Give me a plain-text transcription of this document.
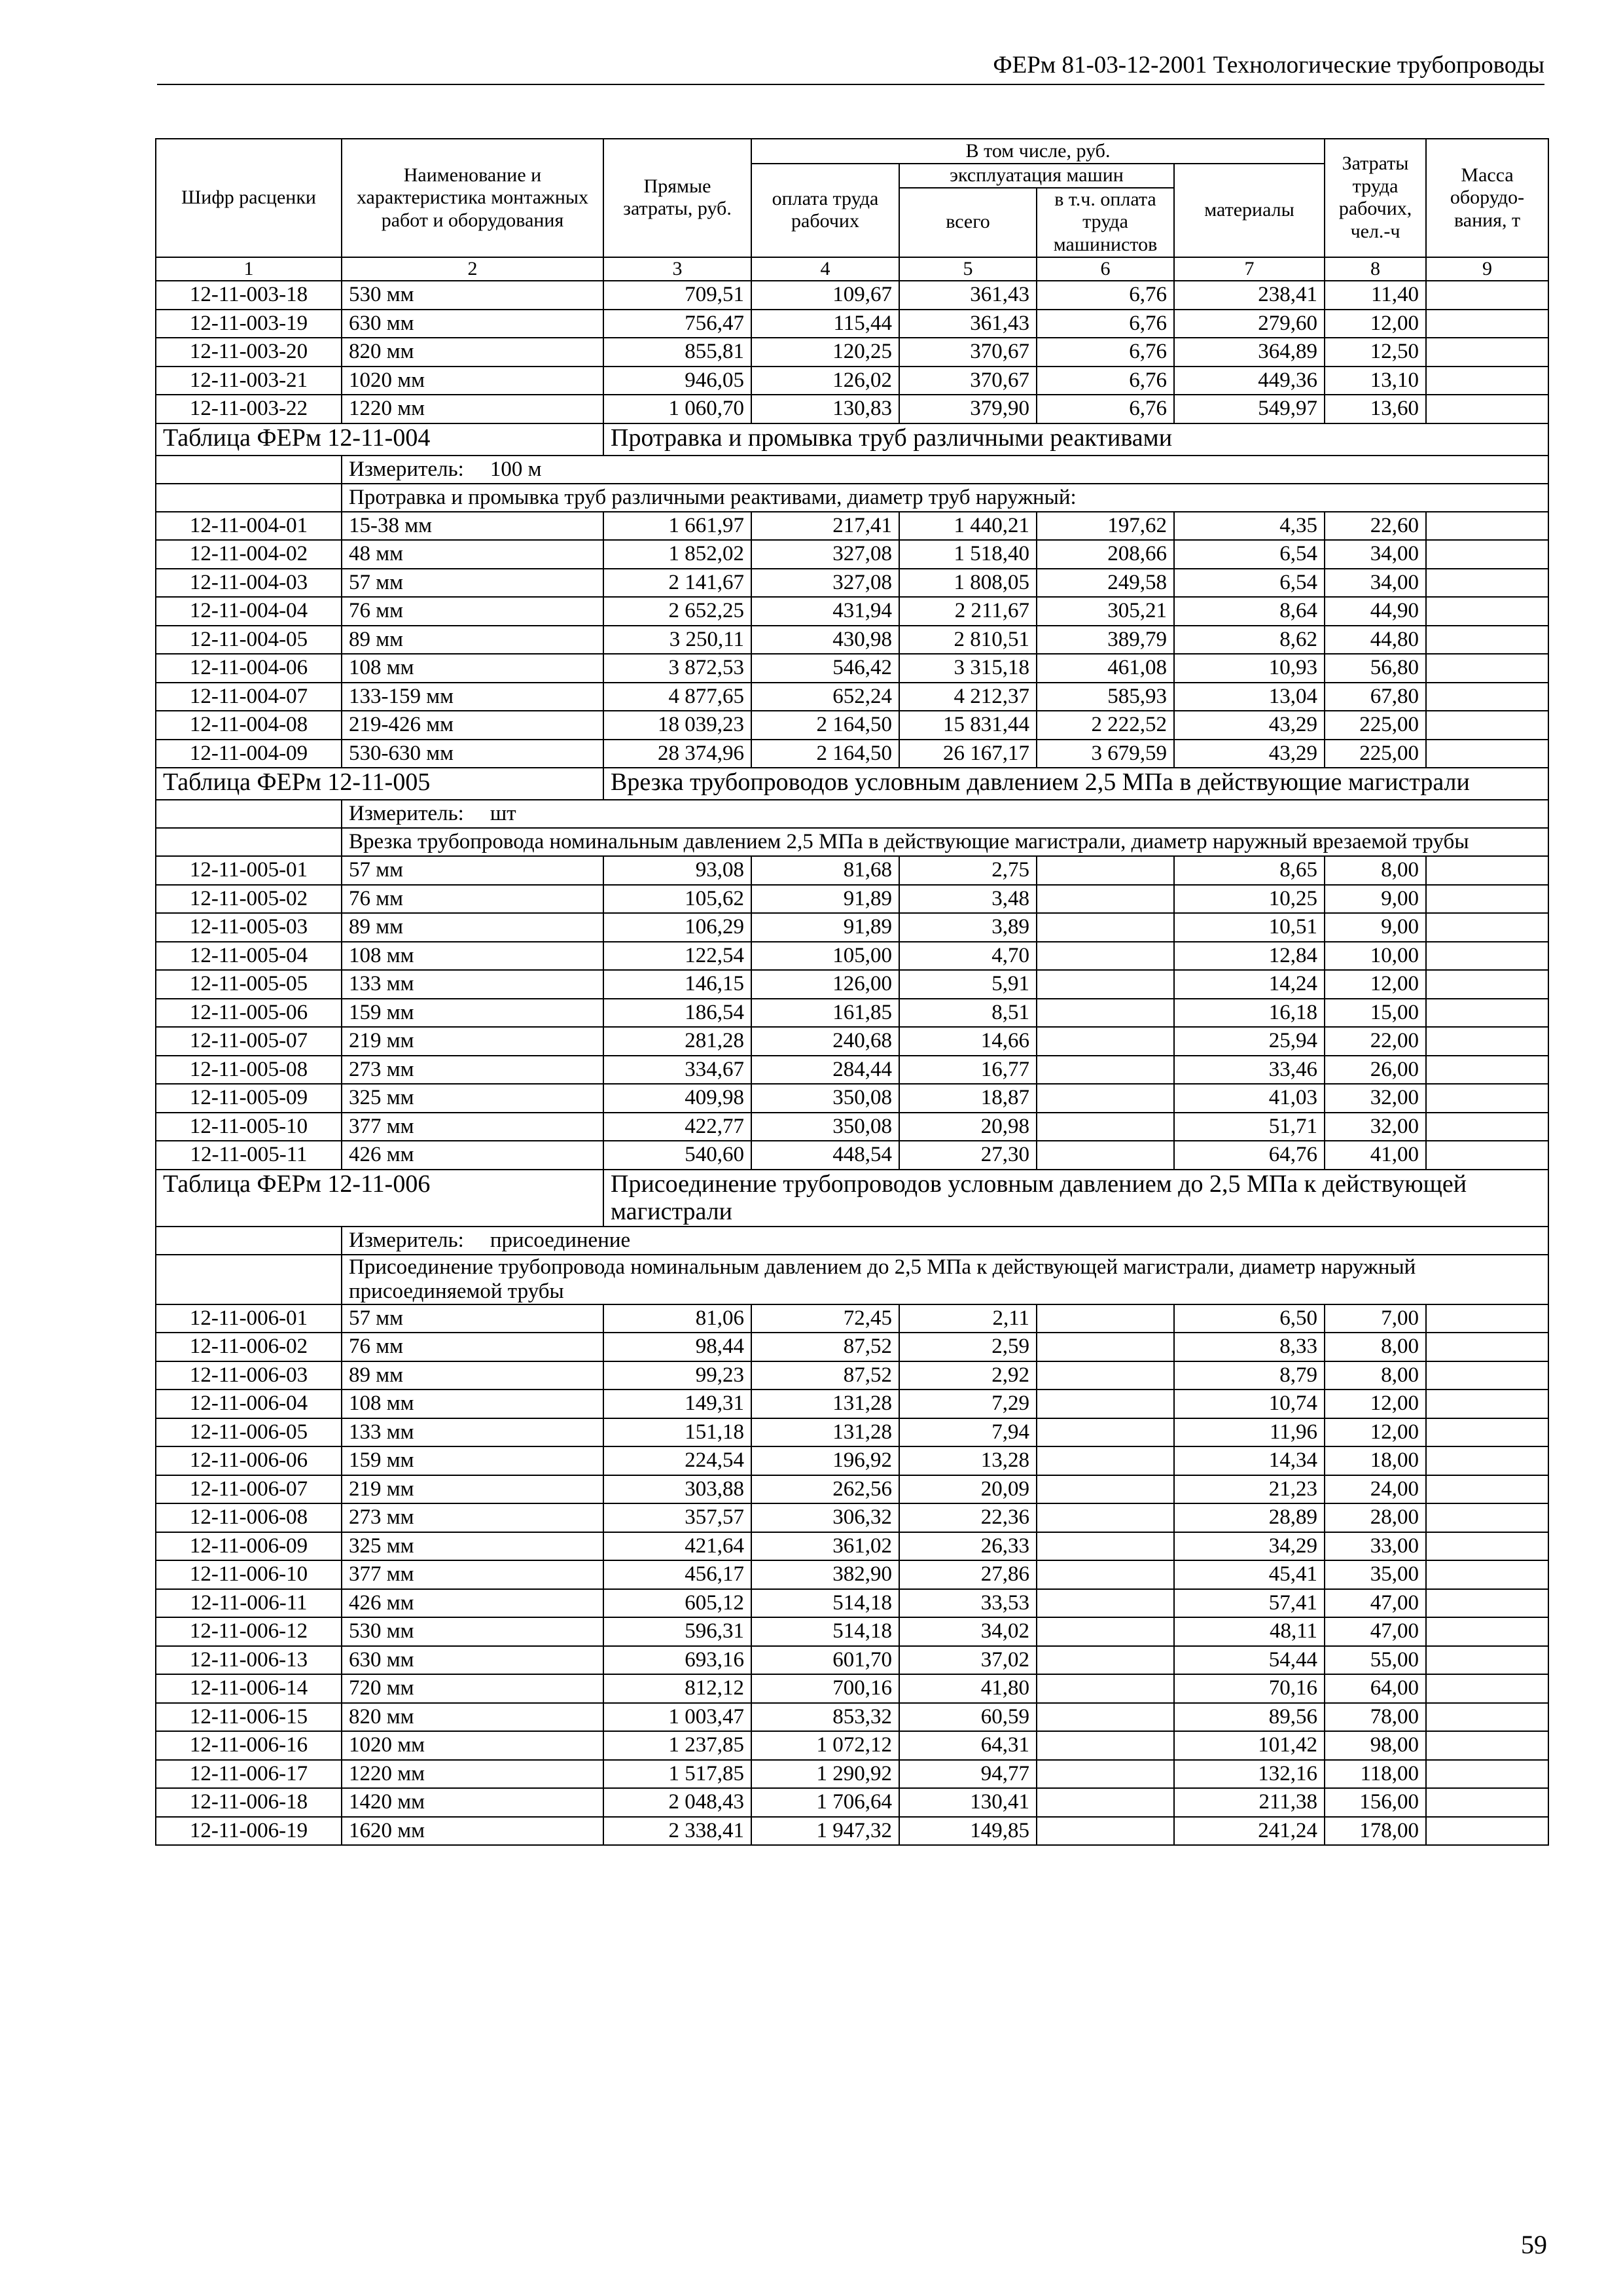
ФЕРм 81-03-12-2001 Технологические трубопроводы
Шифр расценки	Наименование и характеристика монтажных работ и оборудования	Прямые затраты, руб.	В том числе, руб.				Затраты труда рабочих, чел.-ч	Масса оборудо-вания, т
			оплата труда рабочих	эксплуатация машин		материалы		
				всего	в т.ч. оплата труда машинистов			
1	2	3	4	5	6	7	8	9
12-11-003-18	530 мм	709,51	109,67	361,43	6,76	238,41	11,40	
12-11-003-19	630 мм	756,47	115,44	361,43	6,76	279,60	12,00	
12-11-003-20	820 мм	855,81	120,25	370,67	6,76	364,89	12,50	
12-11-003-21	1020 мм	946,05	126,02	370,67	6,76	449,36	13,10	
12-11-003-22	1220 мм	1 060,70	130,83	379,90	6,76	549,97	13,60	
Таблица ФЕРм 12-11-004		Протравка и промывка труб различными реактивами						
	Измеритель: 100 м							
	Протравка и промывка труб различными реактивами, диаметр труб наружный:							
12-11-004-01	15-38 мм	1 661,97	217,41	1 440,21	197,62	4,35	22,60	
12-11-004-02	48 мм	1 852,02	327,08	1 518,40	208,66	6,54	34,00	
12-11-004-03	57 мм	2 141,67	327,08	1 808,05	249,58	6,54	34,00	
12-11-004-04	76 мм	2 652,25	431,94	2 211,67	305,21	8,64	44,90	
12-11-004-05	89 мм	3 250,11	430,98	2 810,51	389,79	8,62	44,80	
12-11-004-06	108 мм	3 872,53	546,42	3 315,18	461,08	10,93	56,80	
12-11-004-07	133-159 мм	4 877,65	652,24	4 212,37	585,93	13,04	67,80	
12-11-004-08	219-426 мм	18 039,23	2 164,50	15 831,44	2 222,52	43,29	225,00	
12-11-004-09	530-630 мм	28 374,96	2 164,50	26 167,17	3 679,59	43,29	225,00	
Таблица ФЕРм 12-11-005		Врезка трубопроводов условным давлением 2,5 МПа в действующие магистрали						
	Измеритель: шт							
	Врезка трубопровода номинальным давлением 2,5 МПа в действующие магистрали, диаметр наружный врезаемой трубы							
12-11-005-01	57 мм	93,08	81,68	2,75		8,65	8,00	
12-11-005-02	76 мм	105,62	91,89	3,48		10,25	9,00	
12-11-005-03	89 мм	106,29	91,89	3,89		10,51	9,00	
12-11-005-04	108 мм	122,54	105,00	4,70		12,84	10,00	
12-11-005-05	133 мм	146,15	126,00	5,91		14,24	12,00	
12-11-005-06	159 мм	186,54	161,85	8,51		16,18	15,00	
12-11-005-07	219 мм	281,28	240,68	14,66		25,94	22,00	
12-11-005-08	273 мм	334,67	284,44	16,77		33,46	26,00	
12-11-005-09	325 мм	409,98	350,08	18,87		41,03	32,00	
12-11-005-10	377 мм	422,77	350,08	20,98		51,71	32,00	
12-11-005-11	426 мм	540,60	448,54	27,30		64,76	41,00	
Таблица ФЕРм 12-11-006		Присоединение трубопроводов условным давлением до 2,5 МПа к действующей магистрали						
	Измеритель: присоединение							
	Присоединение трубопровода номинальным давлением до 2,5 МПа к действующей магистрали, диаметр наружный присоединяемой трубы							
12-11-006-01	57 мм	81,06	72,45	2,11		6,50	7,00	
12-11-006-02	76 мм	98,44	87,52	2,59		8,33	8,00	
12-11-006-03	89 мм	99,23	87,52	2,92		8,79	8,00	
12-11-006-04	108 мм	149,31	131,28	7,29		10,74	12,00	
12-11-006-05	133 мм	151,18	131,28	7,94		11,96	12,00	
12-11-006-06	159 мм	224,54	196,92	13,28		14,34	18,00	
12-11-006-07	219 мм	303,88	262,56	20,09		21,23	24,00	
12-11-006-08	273 мм	357,57	306,32	22,36		28,89	28,00	
12-11-006-09	325 мм	421,64	361,02	26,33		34,29	33,00	
12-11-006-10	377 мм	456,17	382,90	27,86		45,41	35,00	
12-11-006-11	426 мм	605,12	514,18	33,53		57,41	47,00	
12-11-006-12	530 мм	596,31	514,18	34,02		48,11	47,00	
12-11-006-13	630 мм	693,16	601,70	37,02		54,44	55,00	
12-11-006-14	720 мм	812,12	700,16	41,80		70,16	64,00	
12-11-006-15	820 мм	1 003,47	853,32	60,59		89,56	78,00	
12-11-006-16	1020 мм	1 237,85	1 072,12	64,31		101,42	98,00	
12-11-006-17	1220 мм	1 517,85	1 290,92	94,77		132,16	118,00	
12-11-006-18	1420 мм	2 048,43	1 706,64	130,41		211,38	156,00	
12-11-006-19	1620 мм	2 338,41	1 947,32	149,85		241,24	178,00	
59
